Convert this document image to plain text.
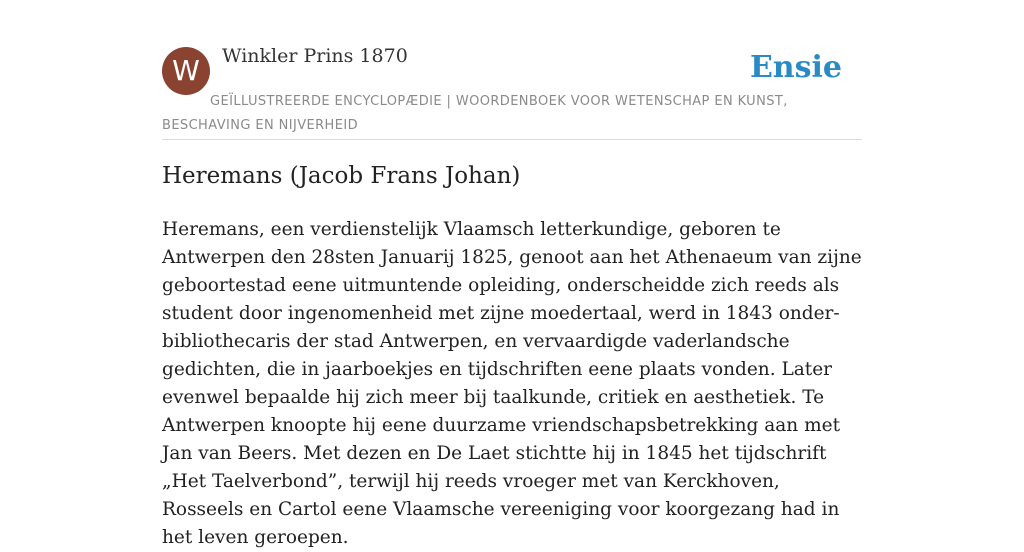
W	Winkler Prins 1870	Ensie
GEÏLLUSTREERDE ENCYCLOPÆDIE | WOORDENBOEK VOOR WETENSCHAP EN KUNST, BESCHAVING EN NIJVERHEID
Heremans (Jacob Frans Johan)

Heremans, een verdienstelijk Vlaamsch letterkundige, geboren te Antwerpen den 28sten Januarij 1825, genoot aan het Athenaeum van zijne geboortestad eene uitmuntende opleiding, onderscheidde zich reeds als student door ingenomenheid met zijne moedertaal, werd in 1843 onder-bibliothecaris der stad Antwerpen, en vervaardigde vaderlandsche gedichten, die in jaarboekjes en tijdschriften eene plaats vonden. Later evenwel bepaalde hij zich meer bij taalkunde, critiek en aesthetiek. Te Antwerpen knoopte hij eene duurzame vriendschapsbetrekking aan met Jan van Beers. Met dezen en De Laet stichtte hij in 1845 het tijdschrift „Het Taelverbond”, terwijl hij reeds vroeger met van Kerckhoven, Rosseels en Cartol eene Vlaamsche vereeniging voor koorgezang had in het leven geroepen.
